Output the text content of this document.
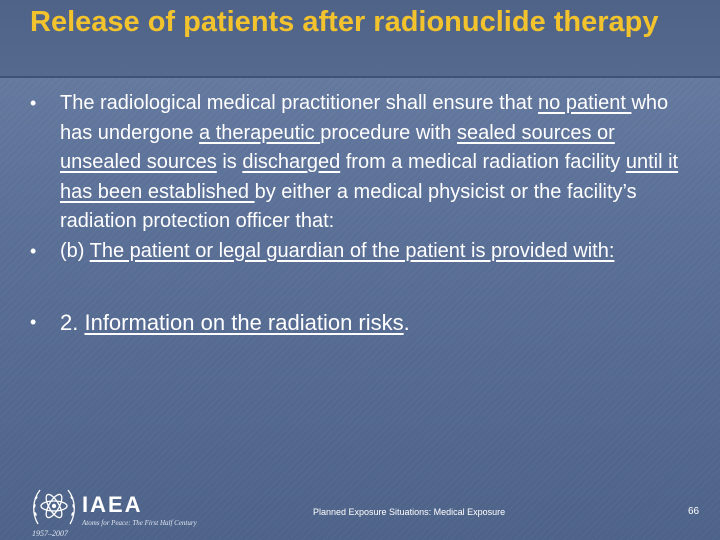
Release of patients after radionuclide therapy
• The radiological medical practitioner shall ensure that no patient who has undergone a therapeutic procedure with sealed sources or unsealed sources is discharged from a medical radiation facility until it has been established by either a medical physicist or the facility’s radiation protection officer that:
• (b) The patient or legal guardian of the patient is provided with:
• 2. Information on the radiation risks.
IAEA
Atoms for Peace: The First Half Century
1957–2007
Planned Exposure Situations: Medical Exposure	66
